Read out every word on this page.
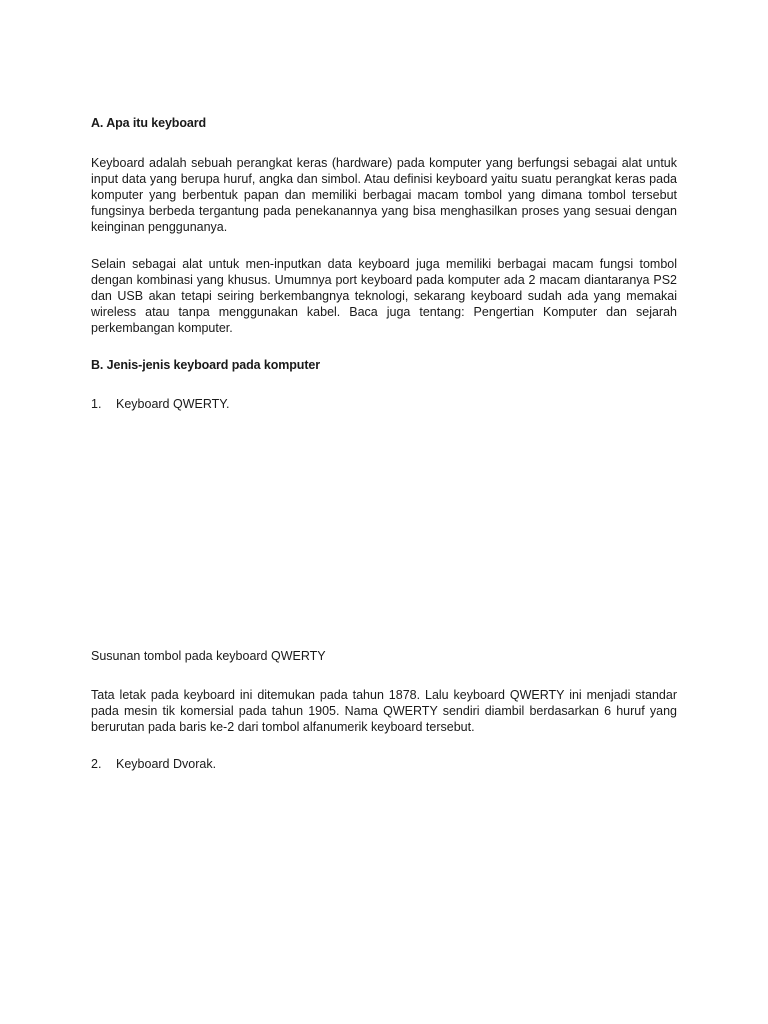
A. Apa itu keyboard
Keyboard adalah sebuah perangkat keras (hardware) pada komputer yang berfungsi sebagai alat untuk input data yang berupa huruf, angka dan simbol. Atau definisi keyboard yaitu suatu perangkat keras pada komputer yang berbentuk papan dan memiliki berbagai macam tombol yang dimana tombol tersebut fungsinya berbeda tergantung pada penekanannya yang bisa menghasilkan proses yang sesuai dengan keinginan penggunanya.
Selain sebagai alat untuk men-inputkan data keyboard juga memiliki berbagai macam fungsi tombol dengan kombinasi yang khusus. Umumnya port keyboard pada komputer ada 2 macam diantaranya PS2 dan USB akan tetapi seiring berkembangnya teknologi, sekarang keyboard sudah ada yang memakai wireless atau tanpa menggunakan kabel. Baca juga tentang: Pengertian Komputer dan sejarah perkembangan komputer.
B. Jenis-jenis keyboard pada komputer
1. Keyboard QWERTY.
Susunan tombol pada keyboard QWERTY
Tata letak pada keyboard ini ditemukan pada tahun 1878. Lalu keyboard QWERTY ini menjadi standar pada mesin tik komersial pada tahun 1905. Nama QWERTY sendiri diambil berdasarkan 6 huruf yang berurutan pada baris ke-2 dari tombol alfanumerik keyboard tersebut.
2. Keyboard Dvorak.
